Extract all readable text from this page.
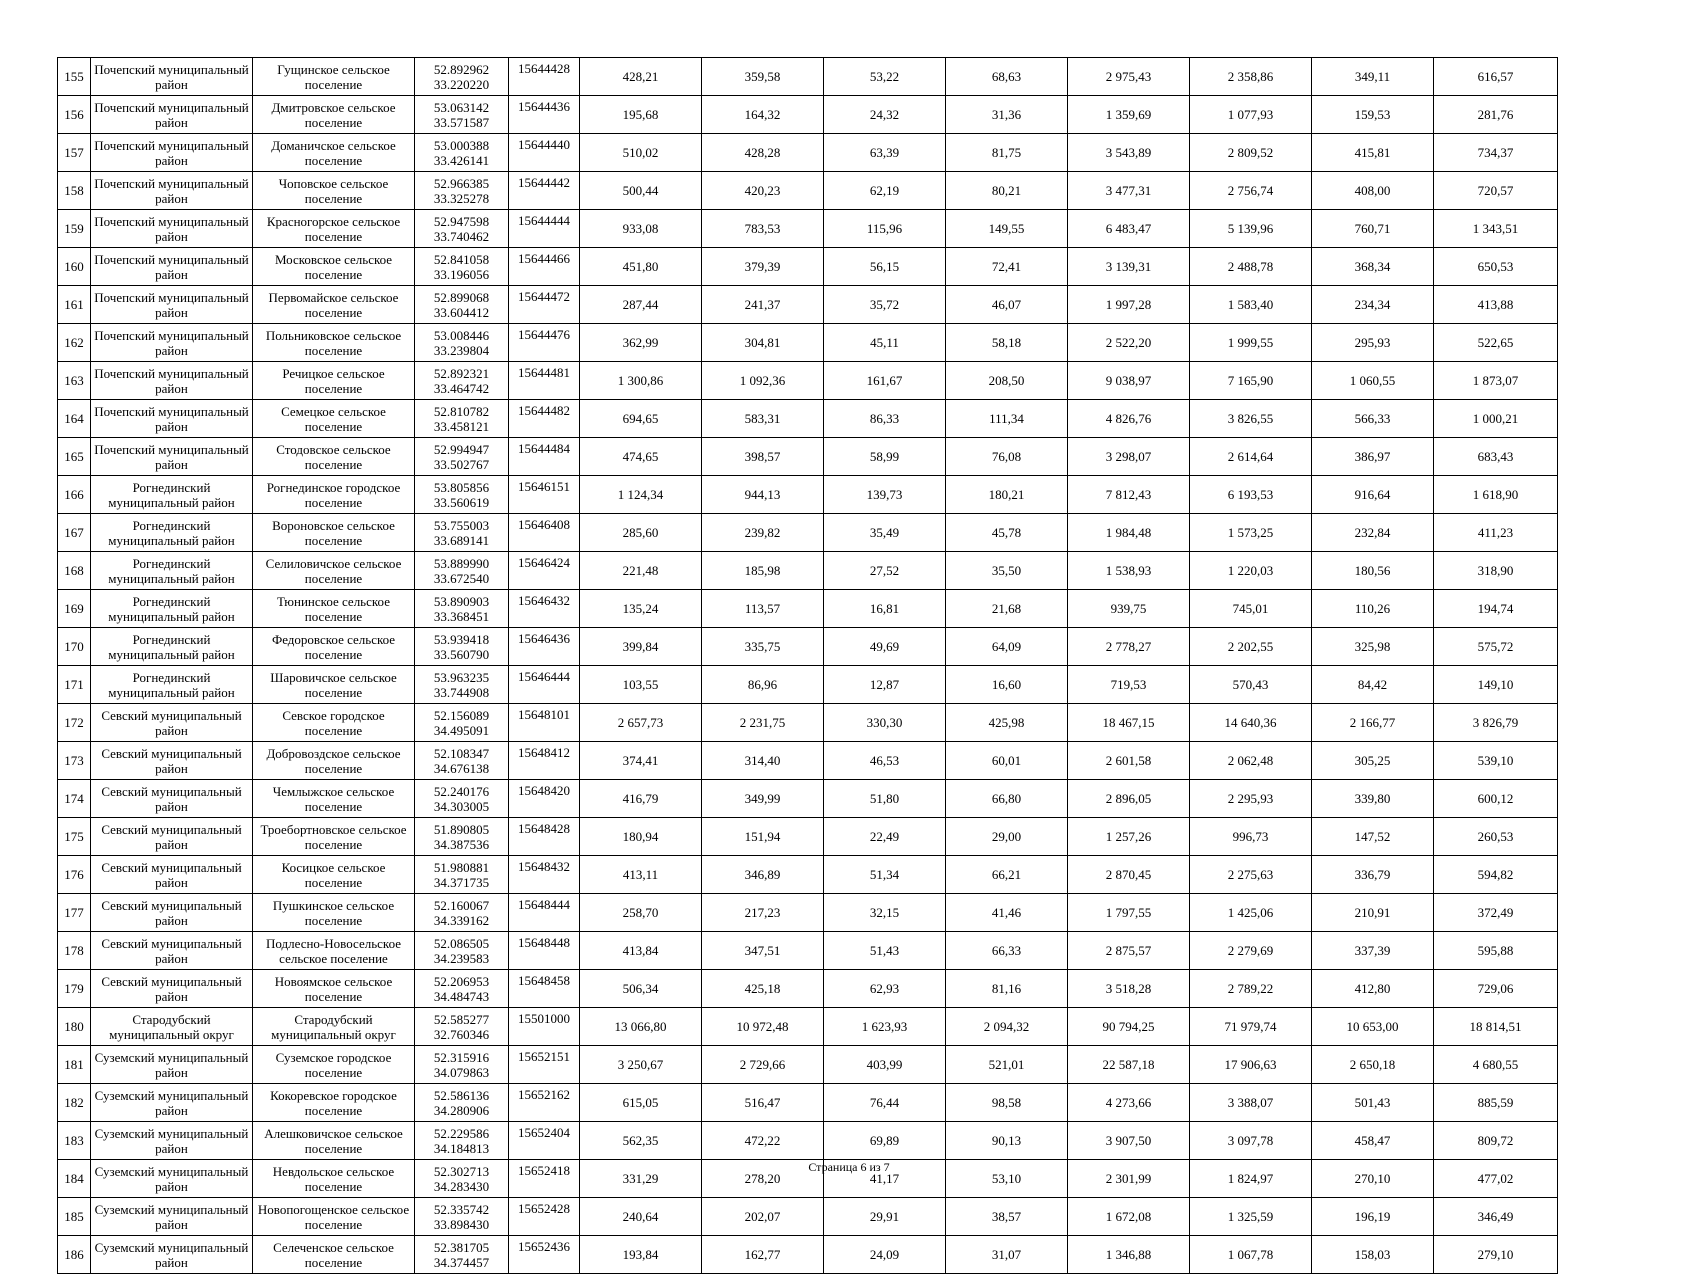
155	Почепский муниципальный район	Гущинское сельское поселение	52.892962
33.220220	15644428	428,21	359,58	53,22	68,63	2 975,43	2 358,86	349,11	616,57
156	Почепский муниципальный район	Дмитровское сельское поселение	53.063142
33.571587	15644436	195,68	164,32	24,32	31,36	1 359,69	1 077,93	159,53	281,76
157	Почепский муниципальный район	Доманичское сельское поселение	53.000388
33.426141	15644440	510,02	428,28	63,39	81,75	3 543,89	2 809,52	415,81	734,37
158	Почепский муниципальный район	Чоповское сельское поселение	52.966385
33.325278	15644442	500,44	420,23	62,19	80,21	3 477,31	2 756,74	408,00	720,57
159	Почепский муниципальный район	Красногорское сельское поселение	52.947598
33.740462	15644444	933,08	783,53	115,96	149,55	6 483,47	5 139,96	760,71	1 343,51
160	Почепский муниципальный район	Московское сельское поселение	52.841058
33.196056	15644466	451,80	379,39	56,15	72,41	3 139,31	2 488,78	368,34	650,53
161	Почепский муниципальный район	Первомайское сельское поселение	52.899068
33.604412	15644472	287,44	241,37	35,72	46,07	1 997,28	1 583,40	234,34	413,88
162	Почепский муниципальный район	Польниковское сельское поселение	53.008446
33.239804	15644476	362,99	304,81	45,11	58,18	2 522,20	1 999,55	295,93	522,65
163	Почепский муниципальный район	Речицкое сельское поселение	52.892321
33.464742	15644481	1 300,86	1 092,36	161,67	208,50	9 038,97	7 165,90	1 060,55	1 873,07
164	Почепский муниципальный район	Семецкое сельское поселение	52.810782
33.458121	15644482	694,65	583,31	86,33	111,34	4 826,76	3 826,55	566,33	1 000,21
165	Почепский муниципальный район	Стодовское сельское поселение	52.994947
33.502767	15644484	474,65	398,57	58,99	76,08	3 298,07	2 614,64	386,97	683,43
166	Рогнединский муниципальный район	Рогнединское городское поселение	53.805856
33.560619	15646151	1 124,34	944,13	139,73	180,21	7 812,43	6 193,53	916,64	1 618,90
167	Рогнединский муниципальный район	Вороновское сельское поселение	53.755003
33.689141	15646408	285,60	239,82	35,49	45,78	1 984,48	1 573,25	232,84	411,23
168	Рогнединский муниципальный район	Селиловичское сельское поселение	53.889990
33.672540	15646424	221,48	185,98	27,52	35,50	1 538,93	1 220,03	180,56	318,90
169	Рогнединский муниципальный район	Тюнинское сельское поселение	53.890903
33.368451	15646432	135,24	113,57	16,81	21,68	939,75	745,01	110,26	194,74
170	Рогнединский муниципальный район	Федоровское сельское поселение	53.939418
33.560790	15646436	399,84	335,75	49,69	64,09	2 778,27	2 202,55	325,98	575,72
171	Рогнединский муниципальный район	Шаровичское сельское поселение	53.963235
33.744908	15646444	103,55	86,96	12,87	16,60	719,53	570,43	84,42	149,10
172	Севский муниципальный район	Севское городское поселение	52.156089
34.495091	15648101	2 657,73	2 231,75	330,30	425,98	18 467,15	14 640,36	2 166,77	3 826,79
173	Севский муниципальный район	Добровоздское сельское поселение	52.108347
34.676138	15648412	374,41	314,40	46,53	60,01	2 601,58	2 062,48	305,25	539,10
174	Севский муниципальный район	Чемлыжское сельское поселение	52.240176
34.303005	15648420	416,79	349,99	51,80	66,80	2 896,05	2 295,93	339,80	600,12
175	Севский муниципальный район	Троебортновское сельское поселение	51.890805
34.387536	15648428	180,94	151,94	22,49	29,00	1 257,26	996,73	147,52	260,53
176	Севский муниципальный район	Косицкое сельское поселение	51.980881
34.371735	15648432	413,11	346,89	51,34	66,21	2 870,45	2 275,63	336,79	594,82
177	Севский муниципальный район	Пушкинское сельское поселение	52.160067
34.339162	15648444	258,70	217,23	32,15	41,46	1 797,55	1 425,06	210,91	372,49
178	Севский муниципальный район	Подлесно-Новосельское сельское поселение	52.086505
34.239583	15648448	413,84	347,51	51,43	66,33	2 875,57	2 279,69	337,39	595,88
179	Севский муниципальный район	Новоямское сельское поселение	52.206953
34.484743	15648458	506,34	425,18	62,93	81,16	3 518,28	2 789,22	412,80	729,06
180	Стародубский муниципальный округ	Стародубский муниципальный округ	52.585277
32.760346	15501000	13 066,80	10 972,48	1 623,93	2 094,32	90 794,25	71 979,74	10 653,00	18 814,51
181	Суземский муниципальный район	Суземское городское поселение	52.315916
34.079863	15652151	3 250,67	2 729,66	403,99	521,01	22 587,18	17 906,63	2 650,18	4 680,55
182	Суземский муниципальный район	Кокоревское городское поселение	52.586136
34.280906	15652162	615,05	516,47	76,44	98,58	4 273,66	3 388,07	501,43	885,59
183	Суземский муниципальный район	Алешковичское сельское поселение	52.229586
34.184813	15652404	562,35	472,22	69,89	90,13	3 907,50	3 097,78	458,47	809,72
184	Суземский муниципальный район	Невдольское сельское поселение	52.302713
34.283430	15652418	331,29	278,20	41,17	53,10	2 301,99	1 824,97	270,10	477,02
185	Суземский муниципальный район	Новопогощенское сельское поселение	52.335742
33.898430	15652428	240,64	202,07	29,91	38,57	1 672,08	1 325,59	196,19	346,49
186	Суземский муниципальный район	Селеченское сельское поселение	52.381705
34.374457	15652436	193,84	162,77	24,09	31,07	1 346,88	1 067,78	158,03	279,10
Страница 6 из 7
